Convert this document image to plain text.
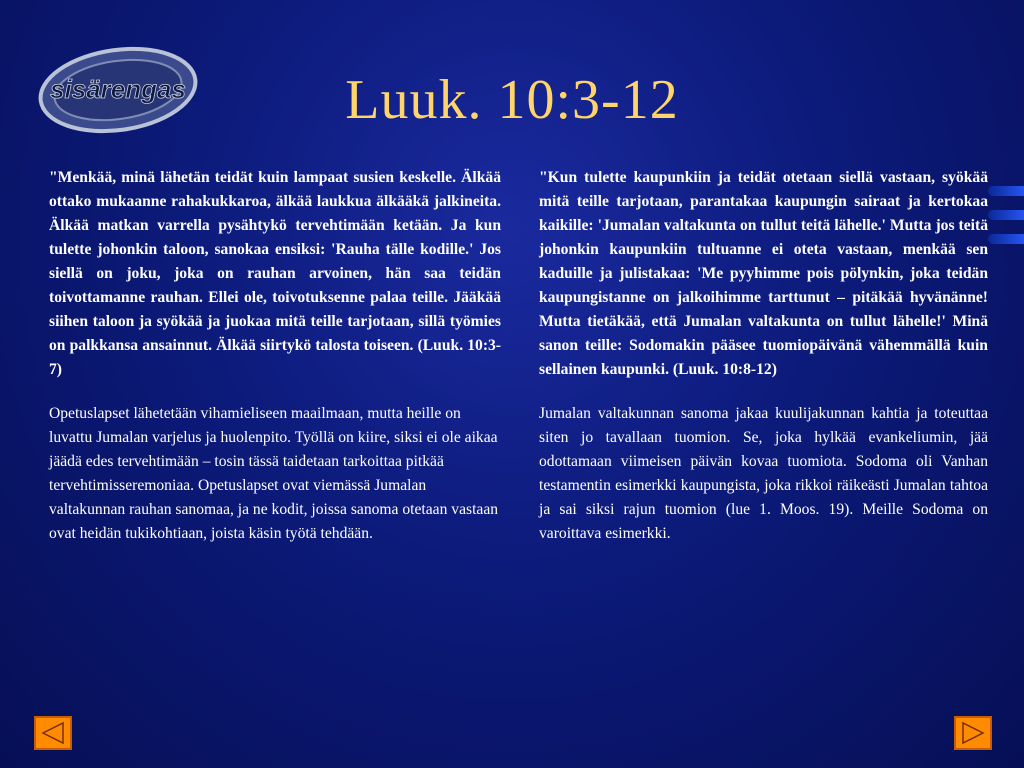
sisärengas	Luuk. 10:3-12

"Menkää, minä lähetän teidät kuin lampaat susien keskelle. Älkää ottako mukaanne rahakukkaroa, älkää laukkua älkääkä jalkineita. Älkää matkan varrella pysähtykö tervehtimään ketään. Ja kun tulette johonkin taloon, sanokaa ensiksi: 'Rauha tälle kodille.' Jos siellä on joku, joka on rauhan arvoinen, hän saa teidän toivottamanne rauhan. Ellei ole, toivotuksenne palaa teille. Jääkää siihen taloon ja syökää ja juokaa mitä teille tarjotaan, sillä työmies on palkkansa ansainnut. Älkää siirtykö talosta toiseen. (Luuk. 10:3-7)

Opetuslapset lähetetään vihamieliseen maailmaan, mutta heille on luvattu Jumalan varjelus ja huolenpito. Työllä on kiire, siksi ei ole aikaa jäädä edes tervehtimään – tosin tässä taidetaan tarkoittaa pitkää tervehtimisseremoniaa. Opetuslapset ovat viemässä Jumalan valtakunnan rauhan sanomaa, ja ne kodit, joissa sanoma otetaan vastaan ovat heidän tukikohtiaan, joista käsin työtä tehdään.

"Kun tulette kaupunkiin ja teidät otetaan siellä vastaan, syökää mitä teille tarjotaan, parantakaa kaupungin sairaat ja kertokaa kaikille: 'Jumalan valtakunta on tullut teitä lähelle.' Mutta jos teitä johonkin kaupunkiin tultuanne ei oteta vastaan, menkää sen kaduille ja julistakaa: 'Me pyyhimme pois pölynkin, joka teidän kaupungistanne on jalkoihimme tarttunut – pitäkää hyvänänne! Mutta tietäkää, että Jumalan valtakunta on tullut lähelle!' Minä sanon teille: Sodomakin pääsee tuomiopäivänä vähemmällä kuin sellainen kaupunki. (Luuk. 10:8-12)

Jumalan valtakunnan sanoma jakaa kuulijakunnan kahtia ja toteuttaa siten jo tavallaan tuomion. Se, joka hylkää evankeliumin, jää odottamaan viimeisen päivän kovaa tuomiota. Sodoma oli Vanhan testamentin esimerkki kaupungista, joka rikkoi räikeästi Jumalan tahtoa ja sai siksi rajun tuomion (lue 1. Moos. 19). Meille Sodoma on varoittava esimerkki.
